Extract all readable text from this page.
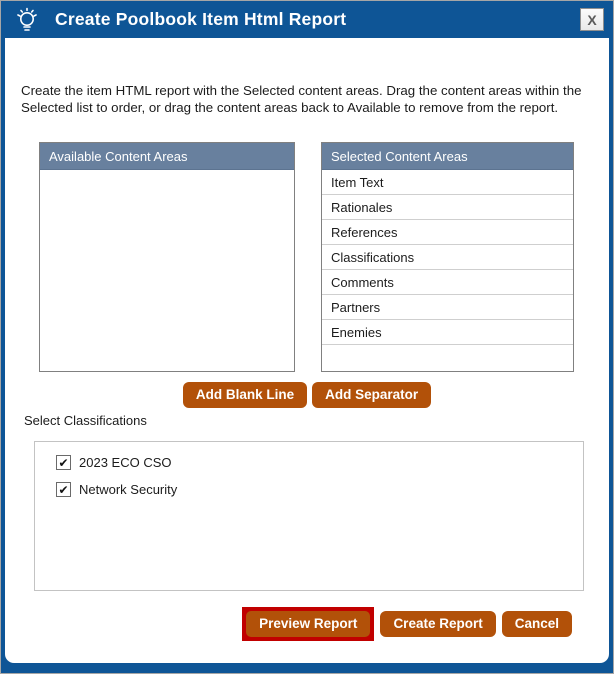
Create Poolbook Item Html Report	X
Create the item HTML report with the Selected content areas. Drag the content areas within the Selected list to order, or drag the content areas back to Available to remove from the report.
Available Content Areas	Selected Content Areas
Item Text
Rationales
References
Classifications
Comments
Partners
Enemies
Add Blank Line	Add Separator
Select Classifications
✔ 2023 ECO CSO
✔ Network Security
Preview Report	Create Report	Cancel
